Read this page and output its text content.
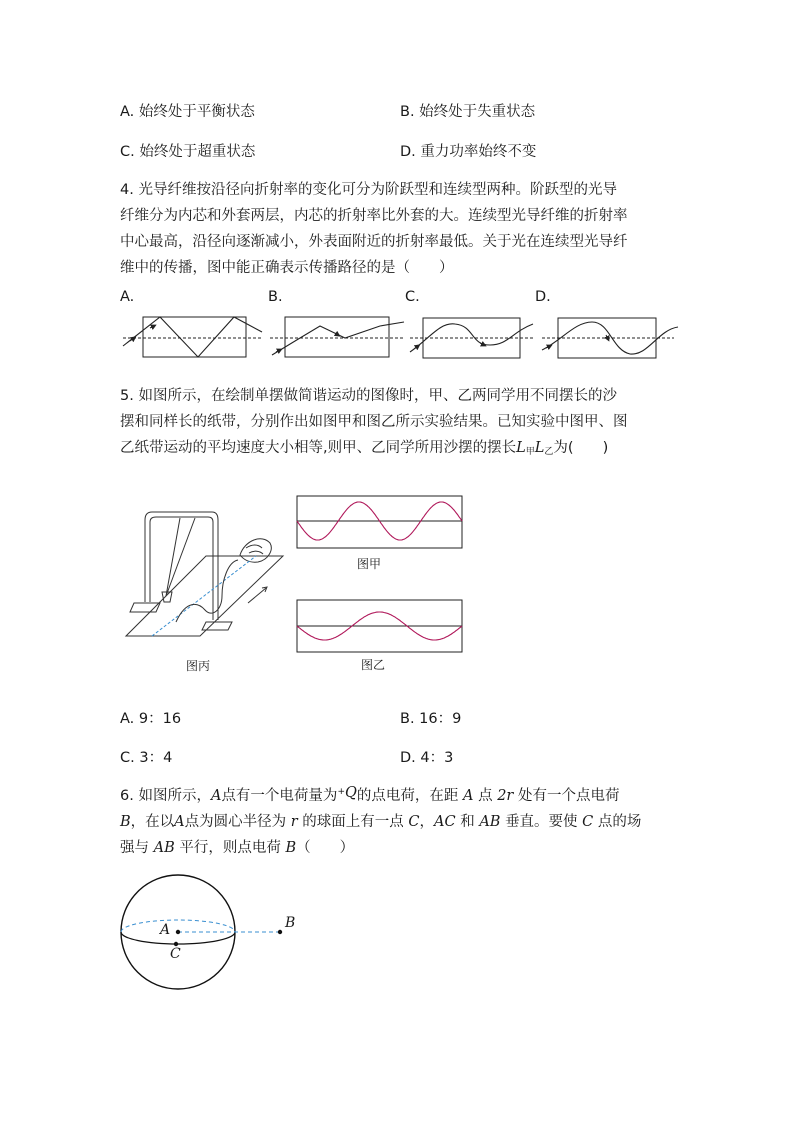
A. 始终处于平衡状态	B. 始终处于失重状态
C. 始终处于超重状态	D. 重力功率始终不变
4. 光导纤维按沿径向折射率的变化可分为阶跃型和连续型两种。阶跃型的光导
纤维分为内芯和外套两层，内芯的折射率比外套的大。连续型光导纤维的折射率
中心最高，沿径向逐渐减小，外表面附近的折射率最低。关于光在连续型光导纤
维中的传播，图中能正确表示传播路径的是（　　）
A.	B.	C.	D.
5. 如图所示，在绘制单摆做简谐运动的图像时，甲、乙两同学用不同摆长的沙
摆和同样长的纸带，分别作出如图甲和图乙所示实验结果。已知实验中图甲、图
乙纸带运动的平均速度大小相等,则甲、乙同学所用沙摆的摆长$L_甲L_乙$为(　　)
图丙
图甲
图乙
A. 9：16	B. 16：9
C. 3：4	D. 4：3
6. 如图所示，A点有一个电荷量为+Q的点电荷，在距 A 点 2r 处有一个点电荷
B，在以A点为圆心半径为 r 的球面上有一点 C，AC 和 AB 垂直。要使 C 点的场
强与 AB 平行，则点电荷 B（　　）
A
C
B
